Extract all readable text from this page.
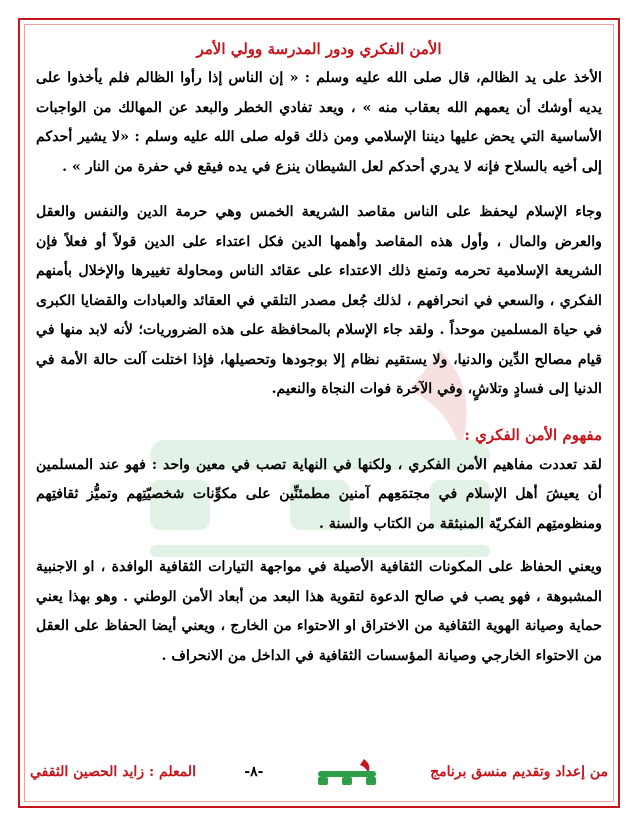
الأمن الفكري ودور المدرسة وولي الأمر

الأخذ على يد الظالم، قال صلى الله عليه وسلم : « إن الناس إذا رأوا الظالم فلم يأخذوا على يديه أوشك أن يعمهم الله بعقاب منه » ، ويعد تفادي الخطر والبعد عن المهالك من الواجبات الأساسية التي يحض عليها ديننا الإسلامي ومن ذلك قوله صلى الله عليه وسلم : «لا يشير أحدكم إلى أخيه بالسلاح فإنه لا يدري أحدكم لعل الشيطان ينزع في يده فيقع في حفرة من النار » .

وجاء الإسلام ليحفظ على الناس مقاصد الشريعة الخمس وهي حرمة الدين والنفس والعقل والعرض والمال ، وأول هذه المقاصد وأهمها الدين فكل اعتداء على الدين قولاً أو فعلاً فإن الشريعة الإسلامية تحرمه وتمنع ذلك الاعتداء على عقائد الناس ومحاولة تغييرها والإخلال بأمنهم الفكري ، والسعي في انحرافهم ، لذلك جُعل مصدر التلقي في العقائد والعبادات والقضايا الكبرى في حياة المسلمين موحداً . ولقد جاء الإسلام بالمحافظة على هذه الضروريات؛ لأنه لابد منها في قيام مصالح الدِّين والدنيا، ولا يستقيم نظام إلا بوجودها وتحصيلها، فإذا اختلت آلت حالة الأمة في الدنيا إلى فسادٍ وتلاشٍ، وفي الآخرة فوات النجاة والنعيم.

مفهوم الأمن الفكري :

لقد تعددت مفاهيم الأمن الفكري ، ولكنها في النهاية تصب في معين واحد : فهو عند المسلمين أن يعيشَ أهل الإسلام في مجتمَعِهم آمنين مطمئنِّين على مكوِّنات شخصيّتِهم وتميُّز ثقافتِهم ومنظومتِهم الفكريّة المنبثقة من الكتاب والسنة .

ويعني الحفاظ على المكونات الثقافية الأصيلة في مواجهة التيارات الثقافية الوافدة ، او الاجنبية المشبوهة ، فهو يصب في صالح الدعوة لتقوية هذا البعد من أبعاد الأمن الوطني . وهو بهذا يعني حماية وصيانة الهوية الثقافية من الاختراق او الاحتواء من الخارج ، ويعني أيضا الحفاظ على العقل من الاحتواء الخارجي وصيانة المؤسسات الثقافية في الداخل من الانحراف .

من إعداد وتقديم منسق برنامج
-٨-
المعلم : زايد الحصين الثقفي
